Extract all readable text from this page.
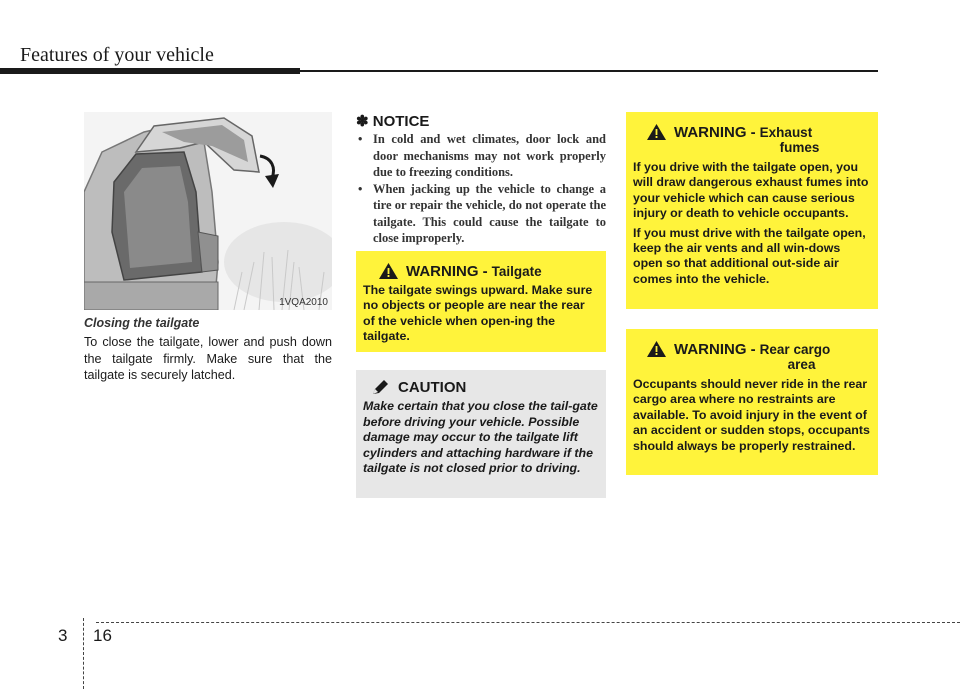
Features of your vehicle
1VQA2010
Closing the tailgate
To close the tailgate, lower and push down the tailgate firmly. Make sure that the tailgate is securely latched.
✽ NOTICE
• In cold and wet climates, door lock and door mechanisms may not work properly due to freezing conditions.
• When jacking up the vehicle to change a tire or repair the vehicle, do not operate the tailgate. This could cause the tailgate to close improperly.
WARNING - Tailgate
The tailgate swings upward. Make sure no objects or people are near the rear of the vehicle when open-ing the tailgate.
CAUTION
Make certain that you close the tail-gate before driving your vehicle. Possible damage may occur to the tailgate lift cylinders and attaching hardware if the tailgate is not closed prior to driving.
WARNING - Exhaust
fumes

If you drive with the tailgate open, you will draw dangerous exhaust fumes into your vehicle which can cause serious injury or death to vehicle occupants.

If you must drive with the tailgate open, keep the air vents and all win-dows open so that additional out-side air comes into the vehicle.

WARNING - Rear cargo
area
Occupants should never ride in the rear cargo area where no restraints are available. To avoid injury in the event of an accident or sudden stops, occupants should always be properly restrained.
3 16
